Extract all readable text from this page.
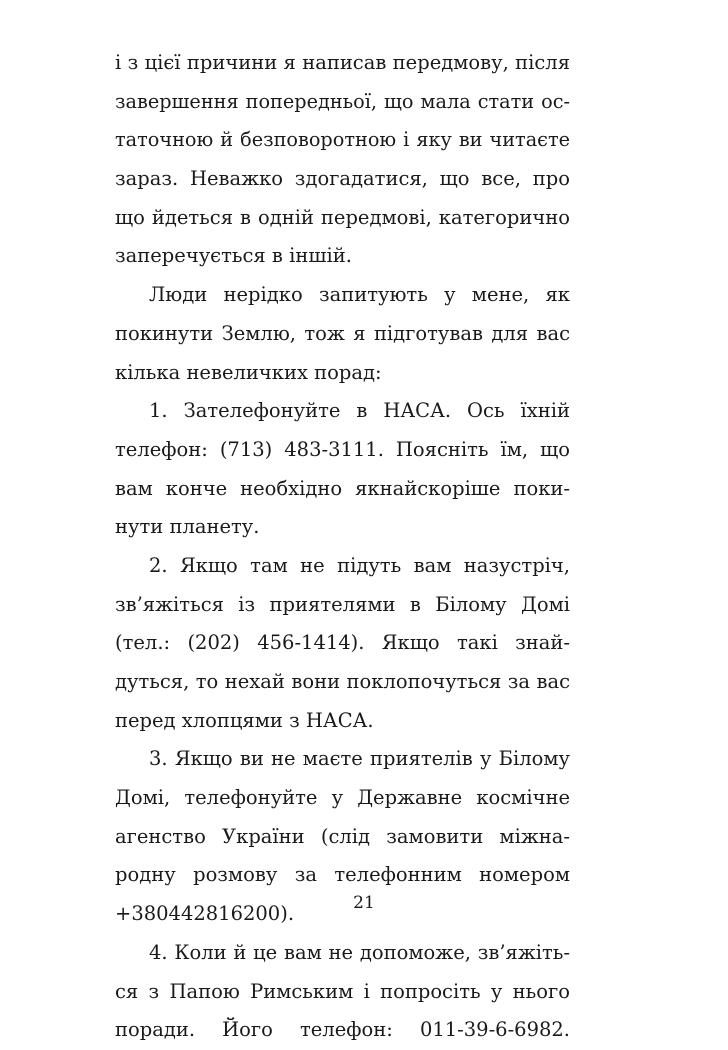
і з цієї причини я написав передмову, після
завершення попередньої, що мала стати ос-
таточною й безповоротною і яку ви читаєте
зараз. Неважко здогадатися, що все, про
що йдеться в одній передмові, категорично
заперечується в іншій.
Люди нерідко запитують у мене, як
покинути Землю, тож я підготував для вас
кілька невеличких порад:
1. Зателефонуйте в НАСА. Ось їхній
телефон: (713) 483-3111. Поясніть їм, що
вам конче необхідно якнайскоріше поки-
нути планету.
2. Якщо там не підуть вам назустріч,
зв’яжіться із приятелями в Білому Домі
(тел.: (202) 456-1414). Якщо такі знай-
дуться, то нехай вони поклопочуться за вас
перед хлопцями з НАСА.
3. Якщо ви не маєте приятелів у Білому
Домі, телефонуйте у Державне космічне
агенство України (слід замовити міжна-
родну розмову за телефонним номером
+380442816200).
4. Коли й це вам не допоможе, зв’яжіть-
ся з Папою Римським і попросіть у нього
поради. Його телефон: 011-39-6-6982.
21
